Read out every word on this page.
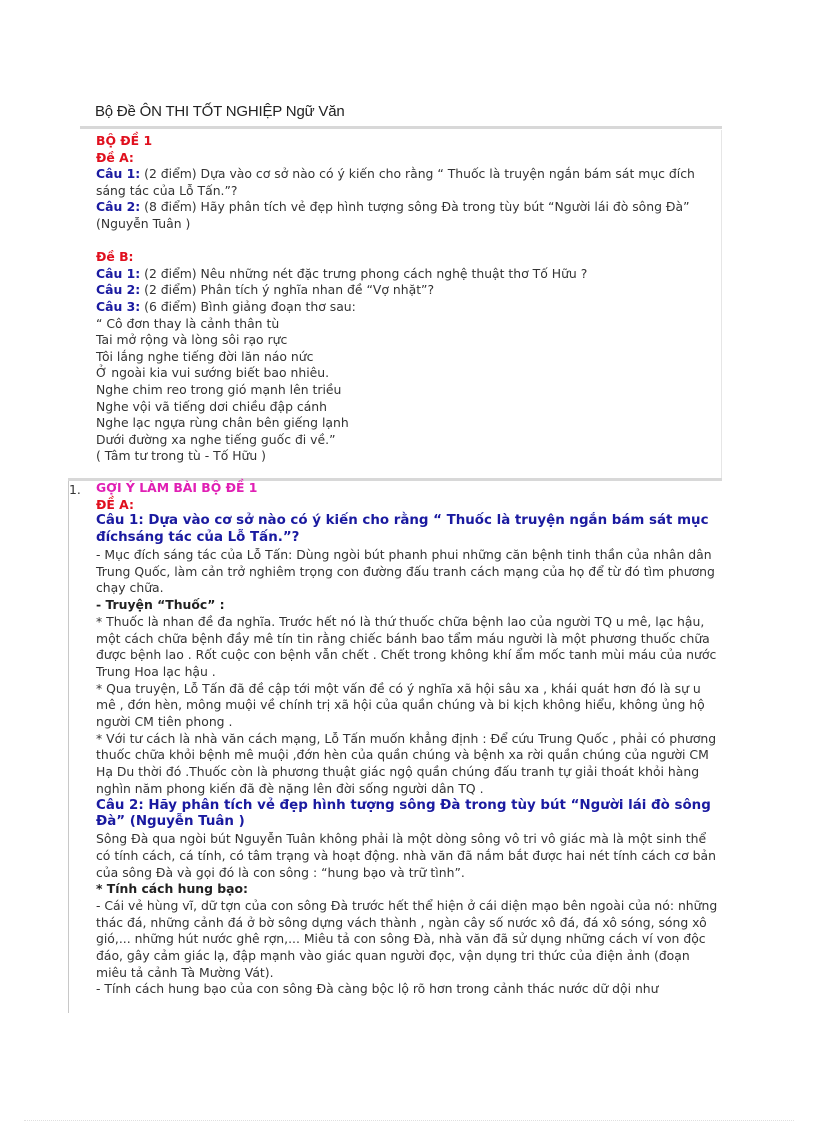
Bộ Đề ÔN THI TỐT NGHIỆP Ngữ Văn
BỘ ĐỀ 1
Đề A:
Câu 1: (2 điểm) Dựa vào cơ sở nào có ý kiến cho rằng “ Thuốc là truyện ngắn bám sát mục đích sáng tác của Lỗ Tấn.”?
Câu 2: (8 điểm) Hãy phân tích vẻ đẹp hình tượng sông Đà trong tùy bút “Người lái đò sông Đà” (Nguyễn Tuân )
Đề B:
Câu 1: (2 điểm) Nêu những nét đặc trưng phong cách nghệ thuật thơ Tố Hữu ?
Câu 2: (2 điểm) Phân tích ý nghĩa nhan đề “Vợ nhặt”?
Câu 3: (6 điểm) Bình giảng đoạn thơ sau:
“ Cô đơn thay là cảnh thân tù
Tai mở rộng và lòng sôi rạo rực
Tôi lắng nghe tiếng đời lăn náo nức
Ở ngoài kia vui sướng biết bao nhiêu.
Nghe chim reo trong gió mạnh lên triều
Nghe vội vã tiếng dơi chiều đập cánh
Nghe lạc ngựa rùng chân bên giếng lạnh
Dưới đường xa nghe tiếng guốc đi về.”
( Tâm tư trong tù - Tố Hữu )
1. GỢI Ý LÀM BÀI BỘ ĐỀ 1
ĐỀ A:
Câu 1: Dựa vào cơ sở nào có ý kiến cho rằng “ Thuốc là truyện ngắn bám sát mục đíchsáng tác của Lỗ Tấn.”?
- Mục đích sáng tác của Lỗ Tấn: Dùng ngòi bút phanh phui những căn bệnh tinh thần của nhân dân Trung Quốc, làm cản trở nghiêm trọng con đường đấu tranh cách mạng của họ để từ đó tìm phương chạy chữa.
- Truyện “Thuốc” :
* Thuốc là nhan đề đa nghĩa. Trước hết nó là thứ thuốc chữa bệnh lao của người TQ u mê, lạc hậu, một cách chữa bệnh đầy mê tín tin rằng chiếc bánh bao tẩm máu người là một phương thuốc chữa được bệnh lao . Rốt cuộc con bệnh vẫn chết . Chết trong không khí ẩm mốc tanh mùi máu của nước Trung Hoa lạc hậu .
* Qua truyện, Lỗ Tấn đã đề cập tới một vấn đề có ý nghĩa xã hội sâu xa , khái quát hơn đó là sự u mê , đớn hèn, mông muội về chính trị xã hội của quần chúng và bi kịch không hiểu, không ủng hộ người CM tiên phong .
* Với tư cách là nhà văn cách mạng, Lỗ Tấn muốn khẳng định : Để cứu Trung Quốc , phải có phương thuốc chữa khỏi bệnh mê muội ,đớn hèn của quần chúng và bệnh xa rời quần chúng của người CM Hạ Du thời đó .Thuốc còn là phương thuật giác ngộ quần chúng đấu tranh tự giải thoát khỏi hàng nghìn năm phong kiến đã đè nặng lên đời sống người dân TQ .
Câu 2: Hãy phân tích vẻ đẹp hình tượng sông Đà trong tùy bút “Người lái đò sông Đà” (Nguyễn Tuân )
Sông Đà qua ngòi bút Nguyễn Tuân không phải là một dòng sông vô tri vô giác mà là một sinh thể có tính cách, cá tính, có tâm trạng và hoạt động. nhà văn đã nắm bắt được hai nét tính cách cơ bản của sông Đà và gọi đó là con sông : “hung bạo và trữ tình”.
* Tính cách hung bạo:
- Cái vẻ hùng vĩ, dữ tợn của con sông Đà trước hết thể hiện ở cái diện mạo bên ngoài của nó: những thác đá, những cảnh đá ở bờ sông dựng vách thành , ngàn cây số nước xô đá, đá xô sóng, sóng xô gió,... những hút nước ghê rợn,... Miêu tả con sông Đà, nhà văn đã sử dụng những cách ví von độc đáo, gây cảm giác lạ, đập mạnh vào giác quan người đọc, vận dụng tri thức của điện ảnh (đoạn miêu tả cảnh Tà Mường Vát).
- Tính cách hung bạo của con sông Đà càng bộc lộ rõ hơn trong cảnh thác nước dữ dội như
